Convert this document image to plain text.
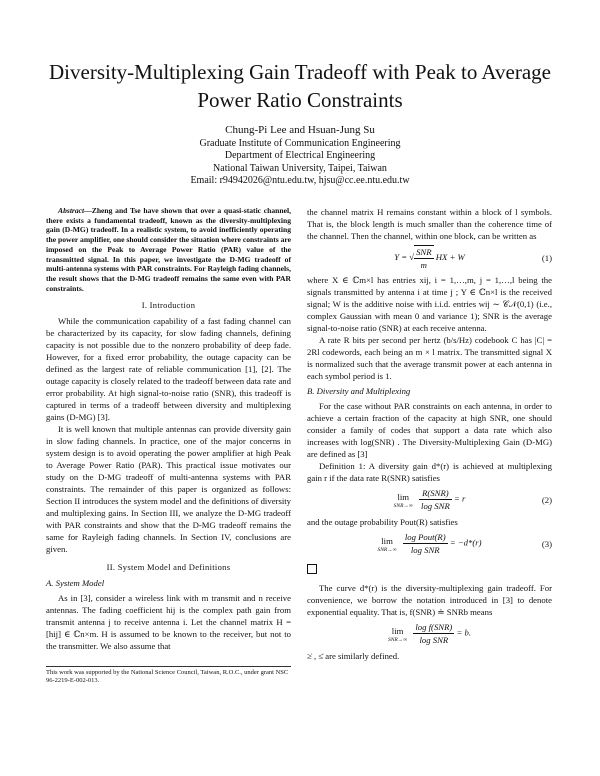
Diversity-Multiplexing Gain Tradeoff with Peak to Average Power Ratio Constraints
Chung-Pi Lee and Hsuan-Jung Su
Graduate Institute of Communication Engineering
Department of Electrical Engineering
National Taiwan University, Taipei, Taiwan
Email: r94942026@ntu.edu.tw, hjsu@cc.ee.ntu.edu.tw

Abstract—Zheng and Tse have shown that over a quasi-static channel, there exists a fundamental tradeoff, known as the diversity-multiplexing gain (D-MG) tradeoff. In a realistic system, to avoid inefficiently operating the power amplifier, one should consider the situation where constraints are imposed on the Peak to Average Power Ratio (PAR) value of the transmitted signal. In this paper, we investigate the D-MG tradeoff of multi-antenna systems with PAR constraints. For Rayleigh fading channels, the result shows that the D-MG tradeoff remains the same even with PAR constraints.

I. Introduction

While the communication capability of a fast fading channel can be characterized by its capacity, for slow fading channels, defining capacity is not possible due to the nonzero probability of deep fade. However, for a fixed error probability, the outage capacity can be defined as the largest rate of reliable communication [1], [2]. The outage capacity is closely related to the tradeoff between data rate and error probability. At high signal-to-noise ratio (SNR), this tradeoff is captured in terms of a tradeoff between diversity and multiplexing gains (D-MG) [3].

It is well known that multiple antennas can provide diversity gain in slow fading channels. In practice, one of the major concerns in system design is to avoid operating the power amplifier at high Peak to Average Power Ratio (PAR). This practical issue motivates our study on the D-MG tradeoff of multi-antenna systems with PAR constraints. The remainder of this paper is organized as follows: Section II introduces the system model and the definitions of diversity and multiplexing gains. In Section III, we analyze the D-MG tradeoff with PAR constraints and show that the D-MG tradeoff remains the same for Rayleigh fading channels. In Section IV, conclusions are given.

II. System Model and Definitions
A. System Model

As in [3], consider a wireless link with m transmit and n receive antennas. The fading coefficient hij is the complex path gain from transmit antenna j to receive antenna i. Let the channel matrix H = [hij] ∈ ℂn×m. H is assumed to be known to the receiver, but not to the transmitter. We also assume that

the channel matrix H remains constant within a block of l symbols. That is, the block length is much smaller than the coherence time of the channel. Then the channel, within one block, can be written as

Y = √ $\frac{\text{SNR}}{m}$ HX + W	(1)

where X ∈ ℂm×l has entries xij, i = 1,…,m, j = 1,…,l being the signals transmitted by antenna i at time j ; Y ∈ ℂn×l is the received signal; W is the additive noise with i.i.d. entries wij ∼ 𝒞𝒩(0,1) (i.e., complex Gaussian with mean 0 and variance 1); SNR is the average signal-to-noise ratio (SNR) at each receive antenna.

A rate R bits per second per hertz (b/s/Hz) codebook C has |C| = 2Rl codewords, each being an m × l matrix. The transmitted signal X is normalized such that the average transmit power at each antenna in each symbol period is 1.

B. Diversity and Multiplexing

For the case without PAR constraints on each antenna, in order to achieve a certain fraction of the capacity at high SNR, one should consider a family of codes that support a data rate which also increases with log(SNR) . The Diversity-Multiplexing Gain (D-MG) are defined as [3]

Definition 1: A diversity gain d*(r) is achieved at multiplexing gain r if the data rate R(SNR) satisfies

lim
SNR→∞
$\frac{\text{R(SNR)}}{\text{log SNR}} = r$	(2)

and the outage probability Pout(R) satisfies

lim
SNR→∞
$\frac{\text{log Pout(R)}}{\text{log SNR}} = -d*(r)$	(3)

The curve d*(r) is the diversity-multiplexing gain tradeoff. For convenience, we borrow the notation introduced in [3] to denote exponential equality. That is, f(SNR) ≐ SNRb means

lim
SNR→∞
$\frac{\text{log f(SNR)}}{\text{log SNR}} = b$.

≥̇ , ≤̇ are similarly defined.

This work was supported by the National Science Council, Taiwan, R.O.C., under grant NSC 96-2219-E-002-013.
